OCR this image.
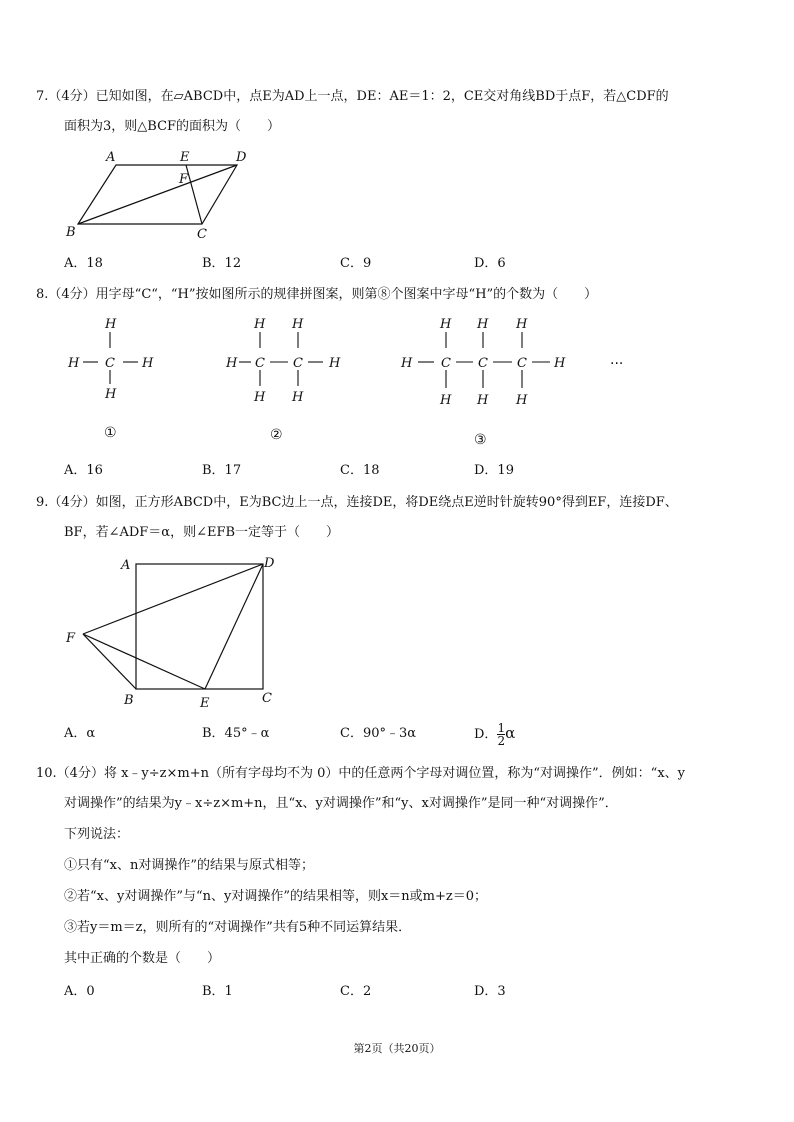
7.（4分）已知如图，在▱ABCD中，点E为AD上一点，DE：AE＝1：2，CE交对角线BD于点F，若△CDF的
面积为3，则△BCF的面积为（　　）
A	E	D
F
B	C
A．18	B．12	C．9	D．6
8.（4分）用字母“C“，“H”按如图所示的规律拼图案，则第⑧个图案中字母“H”的个数为（　　）
H
C
H	H
H
H H
H C C H
H H
H H H
H C C C H
H H H
···
①	②	③
A．16	B．17	C．18	D．19
9.（4分）如图，正方形ABCD中，E为BC边上一点，连接DE，将DE绕点E逆时针旋转90°得到EF，连接DF、
BF，若∠ADF＝α，则∠EFB一定等于（　　）
A	D
F
B	E	C
A．α	B．45°﹣α	C．90°﹣3α	D． $\frac{1}{2}$ α
10.（4分）将 x﹣y÷z×m+n（所有字母均不为 0）中的任意两个字母对调位置，称为“对调操作”．例如：“x、y
对调操作”的结果为y﹣x÷z×m+n，且“x、y对调操作”和“y、x对调操作”是同一种“对调操作”．
下列说法：
①只有“x、n对调操作”的结果与原式相等；
②若“x、y对调操作”与“n、y对调操作”的结果相等，则x＝n或m+z＝0；
③若y＝m＝z，则所有的“对调操作”共有5种不同运算结果．
其中正确的个数是（　　）
A．0	B．1	C．2	D．3
第2页（共20页）
